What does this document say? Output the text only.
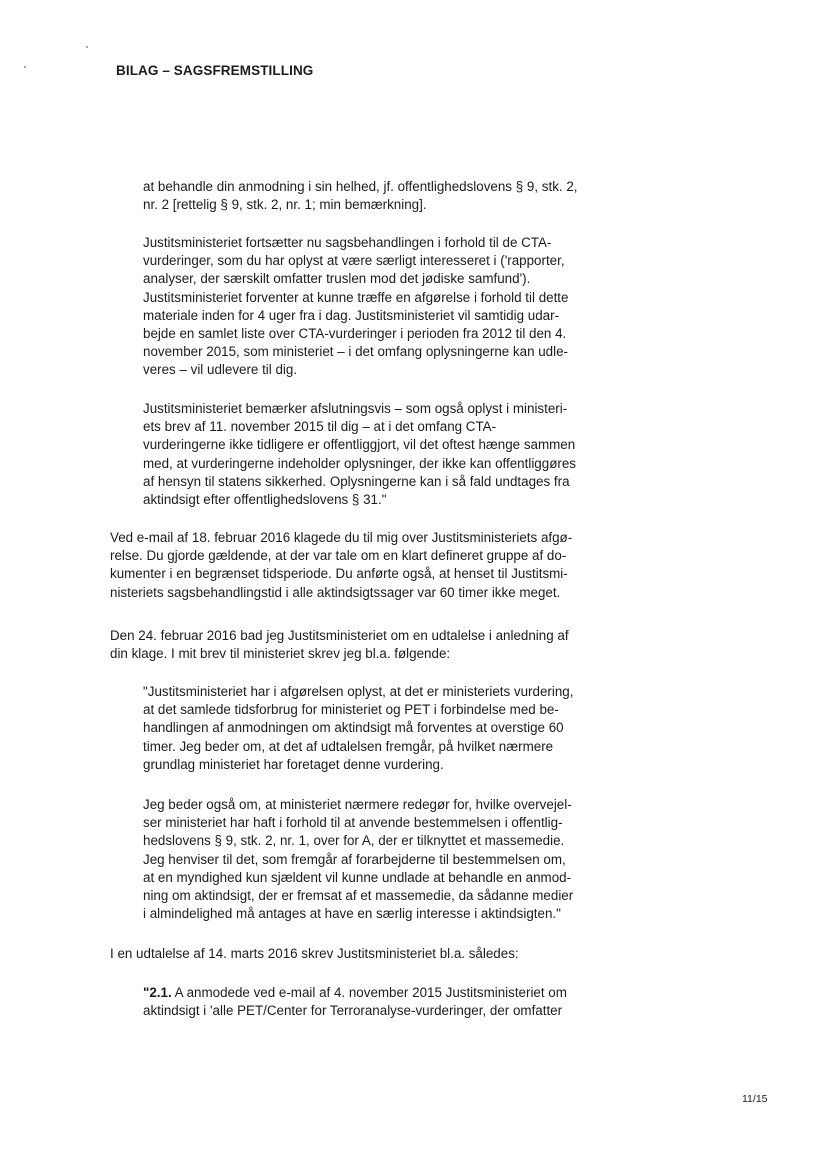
BILAG – SAGSFREMSTILLING

at behandle din anmodning i sin helhed, jf. offentlighedslovens § 9, stk. 2,
nr. 2 [rettelig § 9, stk. 2, nr. 1; min bemærkning].

Justitsministeriet fortsætter nu sagsbehandlingen i forhold til de CTA-
vurderinger, som du har oplyst at være særligt interesseret i ('rapporter,
analyser, der særskilt omfatter truslen mod det jødiske samfund').
Justitsministeriet forventer at kunne træffe en afgørelse i forhold til dette
materiale inden for 4 uger fra i dag. Justitsministeriet vil samtidig udar-
bejde en samlet liste over CTA-vurderinger i perioden fra 2012 til den 4.
november 2015, som ministeriet – i det omfang oplysningerne kan udle-
veres – vil udlevere til dig.

Justitsministeriet bemærker afslutningsvis – som også oplyst i ministeri-
ets brev af 11. november 2015 til dig – at i det omfang CTA-
vurderingerne ikke tidligere er offentliggjort, vil det oftest hænge sammen
med, at vurderingerne indeholder oplysninger, der ikke kan offentliggøres
af hensyn til statens sikkerhed. Oplysningerne kan i så fald undtages fra
aktindsigt efter offentlighedslovens § 31."

Ved e-mail af 18. februar 2016 klagede du til mig over Justitsministeriets afgø-
relse. Du gjorde gældende, at der var tale om en klart defineret gruppe af do-
kumenter i en begrænset tidsperiode. Du anførte også, at henset til Justitsmi-
nisteriets sagsbehandlingstid i alle aktindsigtssager var 60 timer ikke meget.

Den 24. februar 2016 bad jeg Justitsministeriet om en udtalelse i anledning af
din klage. I mit brev til ministeriet skrev jeg bl.a. følgende:

"Justitsministeriet har i afgørelsen oplyst, at det er ministeriets vurdering,
at det samlede tidsforbrug for ministeriet og PET i forbindelse med be-
handlingen af anmodningen om aktindsigt må forventes at overstige 60
timer. Jeg beder om, at det af udtalelsen fremgår, på hvilket nærmere
grundlag ministeriet har foretaget denne vurdering.

Jeg beder også om, at ministeriet nærmere redegør for, hvilke overvejel-
ser ministeriet har haft i forhold til at anvende bestemmelsen i offentlig-
hedslovens § 9, stk. 2, nr. 1, over for A, der er tilknyttet et massemedie.
Jeg henviser til det, som fremgår af forarbejderne til bestemmelsen om,
at en myndighed kun sjældent vil kunne undlade at behandle en anmod-
ning om aktindsigt, der er fremsat af et massemedie, da sådanne medier
i almindelighed må antages at have en særlig interesse i aktindsigten."

I en udtalelse af 14. marts 2016 skrev Justitsministeriet bl.a. således:

"2.1. A anmodede ved e-mail af 4. november 2015 Justitsministeriet om
aktindsigt i 'alle PET/Center for Terroranalyse-vurderinger, der omfatter

11/15
